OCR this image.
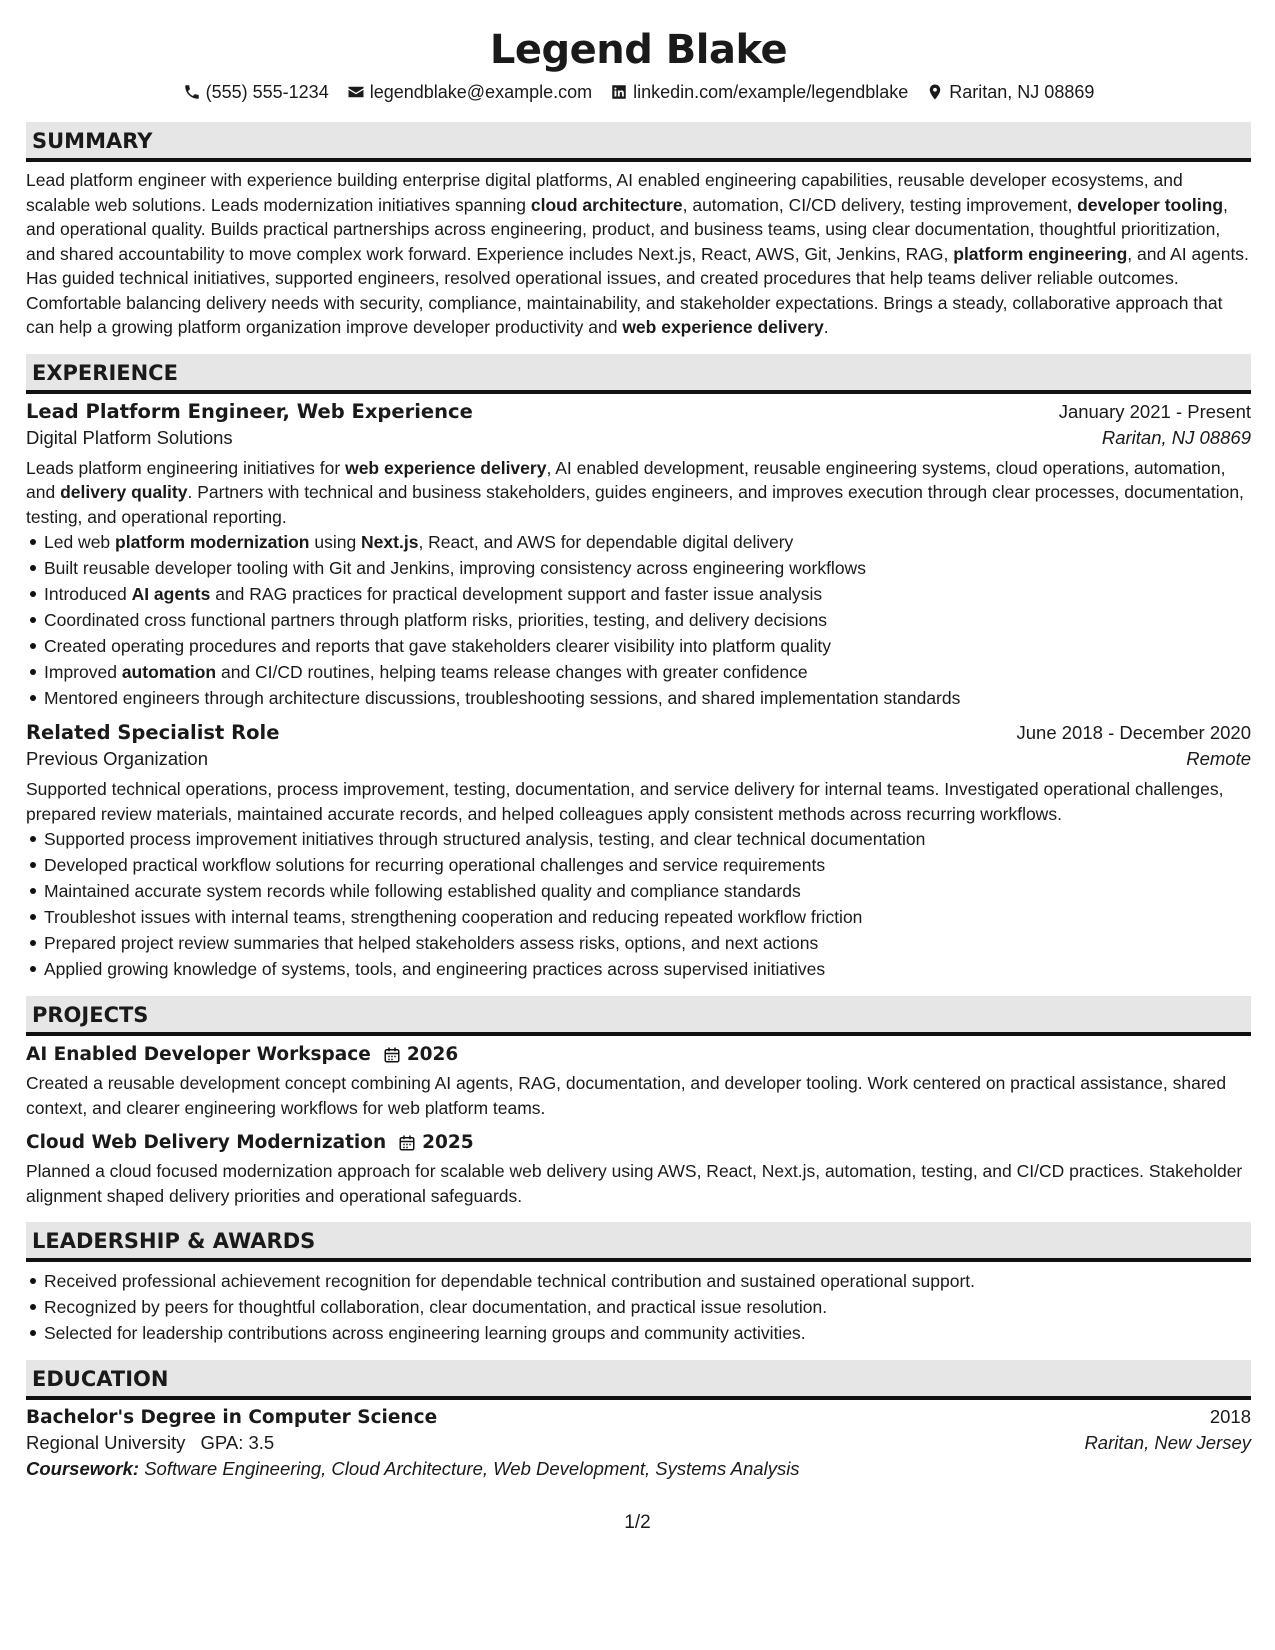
Legend Blake
(555) 555-1234 legendblake@example.com linkedin.com/example/legendblake Raritan, NJ 08869
SUMMARY

Lead platform engineer with experience building enterprise digital platforms, AI enabled engineering capabilities, reusable developer ecosystems, and scalable web solutions. Leads modernization initiatives spanning cloud architecture, automation, CI/CD delivery, testing improvement, developer tooling, and operational quality. Builds practical partnerships across engineering, product, and business teams, using clear documentation, thoughtful prioritization, and shared accountability to move complex work forward. Experience includes Next.js, React, AWS, Git, Jenkins, RAG, platform engineering, and AI agents. Has guided technical initiatives, supported engineers, resolved operational issues, and created procedures that help teams deliver reliable outcomes. Comfortable balancing delivery needs with security, compliance, maintainability, and stakeholder expectations. Brings a steady, collaborative approach that can help a growing platform organization improve developer productivity and web experience delivery.

EXPERIENCE
Lead Platform Engineer, Web Experience	January 2021 - Present
Digital Platform Solutions	Raritan, NJ 08869

Leads platform engineering initiatives for web experience delivery, AI enabled development, reusable engineering systems, cloud operations, automation, and delivery quality. Partners with technical and business stakeholders, guides engineers, and improves execution through clear processes, documentation, testing, and operational reporting.

Led web platform modernization using Next.js, React, and AWS for dependable digital delivery
Built reusable developer tooling with Git and Jenkins, improving consistency across engineering workflows
Introduced AI agents and RAG practices for practical development support and faster issue analysis
Coordinated cross functional partners through platform risks, priorities, testing, and delivery decisions
Created operating procedures and reports that gave stakeholders clearer visibility into platform quality
Improved automation and CI/CD routines, helping teams release changes with greater confidence
Mentored engineers through architecture discussions, troubleshooting sessions, and shared implementation standards
Related Specialist Role	June 2018 - December 2020
Previous Organization	Remote

Supported technical operations, process improvement, testing, documentation, and service delivery for internal teams. Investigated operational challenges, prepared review materials, maintained accurate records, and helped colleagues apply consistent methods across recurring workflows.

Supported process improvement initiatives through structured analysis, testing, and clear technical documentation
Developed practical workflow solutions for recurring operational challenges and service requirements
Maintained accurate system records while following established quality and compliance standards
Troubleshot issues with internal teams, strengthening cooperation and reducing repeated workflow friction
Prepared project review summaries that helped stakeholders assess risks, options, and next actions
Applied growing knowledge of systems, tools, and engineering practices across supervised initiatives
PROJECTS
AI Enabled Developer Workspace 2026

Created a reusable development concept combining AI agents, RAG, documentation, and developer tooling. Work centered on practical assistance, shared context, and clearer engineering workflows for web platform teams.

Cloud Web Delivery Modernization 2025

Planned a cloud focused modernization approach for scalable web delivery using AWS, React, Next.js, automation, testing, and CI/CD practices. Stakeholder alignment shaped delivery priorities and operational safeguards.

LEADERSHIP & AWARDS
Received professional achievement recognition for dependable technical contribution and sustained operational support.
Recognized by peers for thoughtful collaboration, clear documentation, and practical issue resolution.
Selected for leadership contributions across engineering learning groups and community activities.
EDUCATION
Bachelor's Degree in Computer Science	2018
Regional University GPA: 3.5	Raritan, New Jersey
Coursework: Software Engineering, Cloud Architecture, Web Development, Systems Analysis
1/2
